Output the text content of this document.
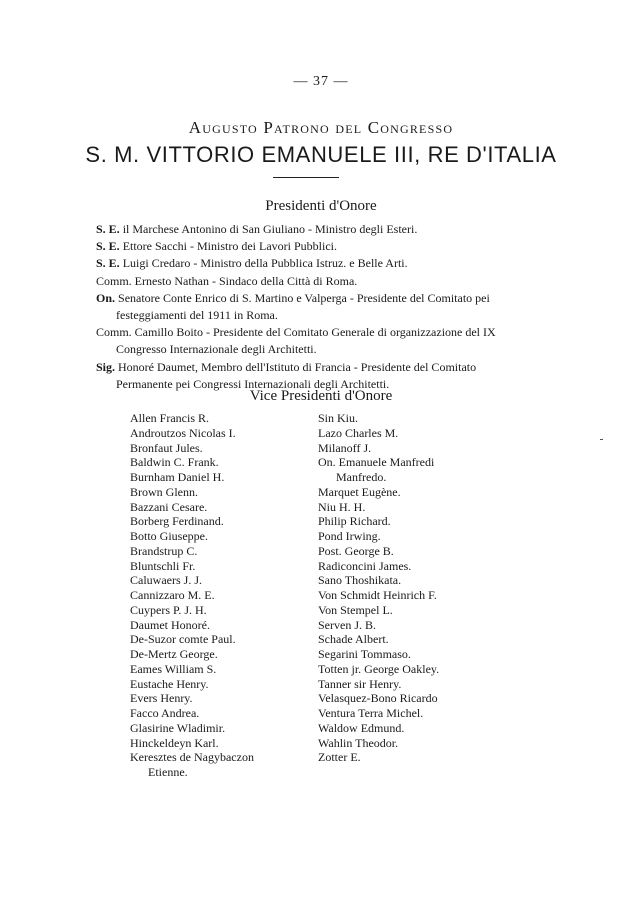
— 37 —
Augusto Patrono del Congresso
S. M. VITTORIO EMANUELE III, RE D'ITALIA
Presidenti d'Onore
S. E. il Marchese Antonino di San Giuliano - Ministro degli Esteri.
S. E. Ettore Sacchi - Ministro dei Lavori Pubblici.
S. E. Luigi Credaro - Ministro della Pubblica Istruz. e Belle Arti.
Comm. Ernesto Nathan - Sindaco della Città di Roma.
On. Senatore Conte Enrico di S. Martino e Valperga - Presidente del Comitato pei festeggiamenti del 1911 in Roma.
Comm. Camillo Boito - Presidente del Comitato Generale di organizzazione del IX Congresso Internazionale degli Architetti.
Sig. Honoré Daumet, Membro dell'Istituto di Francia - Presidente del Comitato Permanente pei Congressi Internazionali degli Architetti.
Vice Presidenti d'Onore
Allen Francis R.
Androutzos Nicolas I.
Bronfaut Jules.
Baldwin C. Frank.
Burnham Daniel H.
Brown Glenn.
Bazzani Cesare.
Borberg Ferdinand.
Botto Giuseppe.
Brandstrup C.
Bluntschli Fr.
Caluwaers J. J.
Cannizzaro M. E.
Cuypers P. J. H.
Daumet Honoré.
De-Suzor comte Paul.
De-Mertz George.
Eames William S.
Eustache Henry.
Evers Henry.
Facco Andrea.
Glasirine Wladimir.
Hinckeldeyn Karl.
Keresztes de Nagybaczon
Etienne.
Sin Kiu.
Lazo Charles M.
Milanoff J.
On. Emanuele Manfredi
Manfredo.
Marquet Eugène.
Niu H. H.
Philip Richard.
Pond Irwing.
Post. George B.
Radiconcini James.
Sano Thoshikata.
Von Schmidt Heinrich F.
Von Stempel L.
Serven J. B.
Schade Albert.
Segarini Tommaso.
Totten jr. George Oakley.
Tanner sir Henry.
Velasquez-Bono Ricardo
Ventura Terra Michel.
Waldow Edmund.
Wahlin Theodor.
Zotter E.
